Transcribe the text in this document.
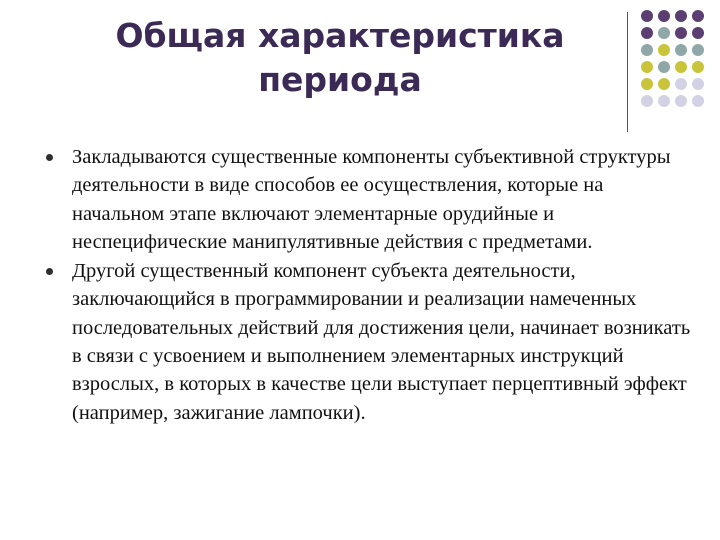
Общая характеристика
периода
Закладываются существенные компоненты субъективной структуры деятельности в виде способов ее осуществления, которые на начальном этапе включают элементарные орудийные и неспецифические манипулятивные действия с предметами.
Другой существенный компонент субъекта деятельности, заключающийся в программировании и реализации намеченных последовательных действий для достижения цели, начинает возникать в связи с усвоением и выполнением элементарных инструкций взрослых, в которых в качестве цели выступает перцептивный эффект (например, зажигание лампочки).
